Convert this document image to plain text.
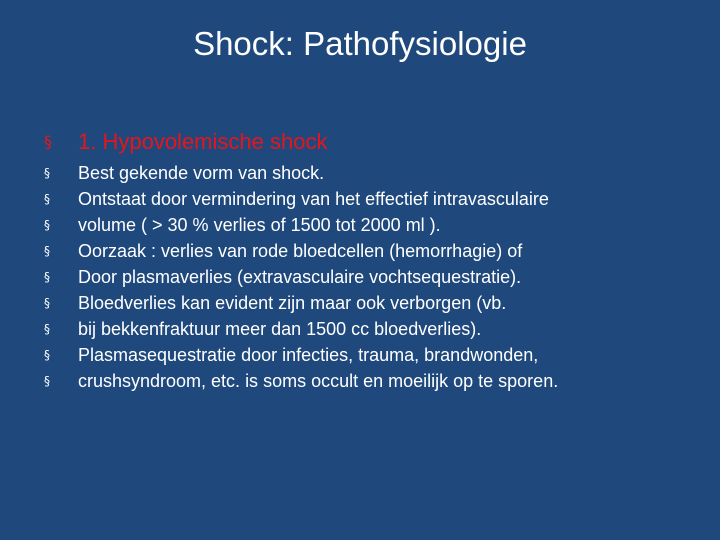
Shock: Pathofysiologie
§ 1. Hypovolemische shock
§ Best gekende vorm van shock.
§ Ontstaat door vermindering van het effectief intravasculaire
§ volume ( > 30 % verlies of 1500 tot 2000 ml ).
§ Oorzaak : verlies van rode bloedcellen (hemorrhagie) of
§ Door plasmaverlies (extravasculaire vochtsequestratie).
§ Bloedverlies kan evident zijn maar ook verborgen (vb.
§ bij bekkenfraktuur meer dan 1500 cc bloedverlies).
§ Plasmasequestratie door infecties, trauma, brandwonden,
§ crushsyndroom, etc. is soms occult en moeilijk op te sporen.
